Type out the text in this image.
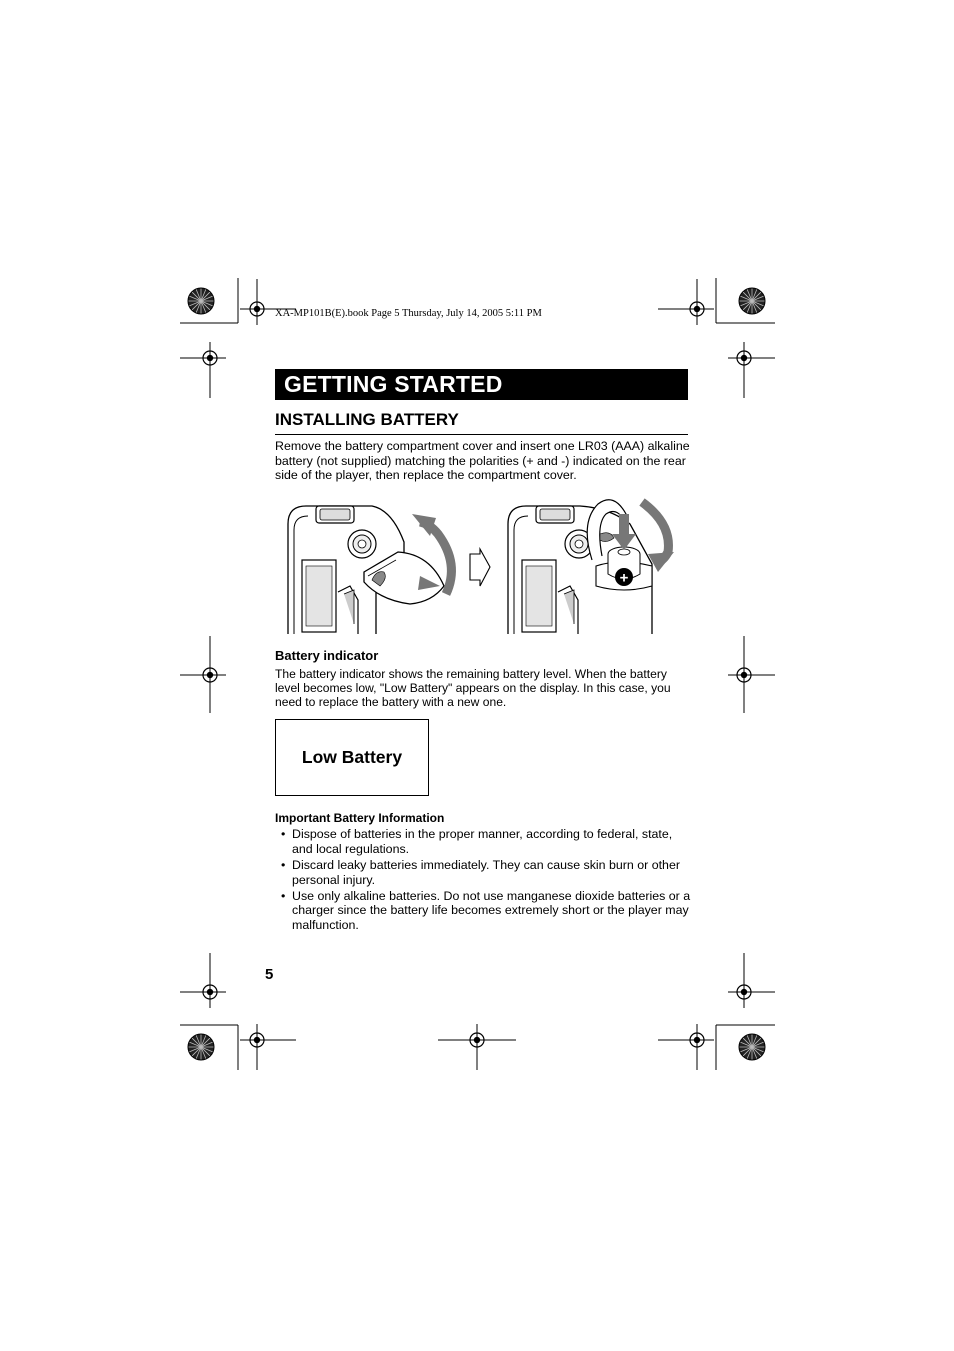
XA-MP101B(E).book Page 5 Thursday, July 14, 2005 5:11 PM
GETTING STARTED
INSTALLING BATTERY
Remove the battery compartment cover and insert one LR03 (AAA) alkaline battery (not supplied) matching the polarities (+ and -) indicated on the rear side of the player, then replace the compartment cover.
+
Battery indicator
The battery indicator shows the remaining battery level. When the battery level becomes low, "Low Battery" appears on the display. In this case, you need to replace the battery with a new one.
Low Battery
Important Battery Information
• Dispose of batteries in the proper manner, according to federal, state, and local regulations.
• Discard leaky batteries immediately. They can cause skin burn or other personal injury.
• Use only alkaline batteries. Do not use manganese dioxide batteries or a charger since the battery life becomes extremely short or the player may malfunction.
5
